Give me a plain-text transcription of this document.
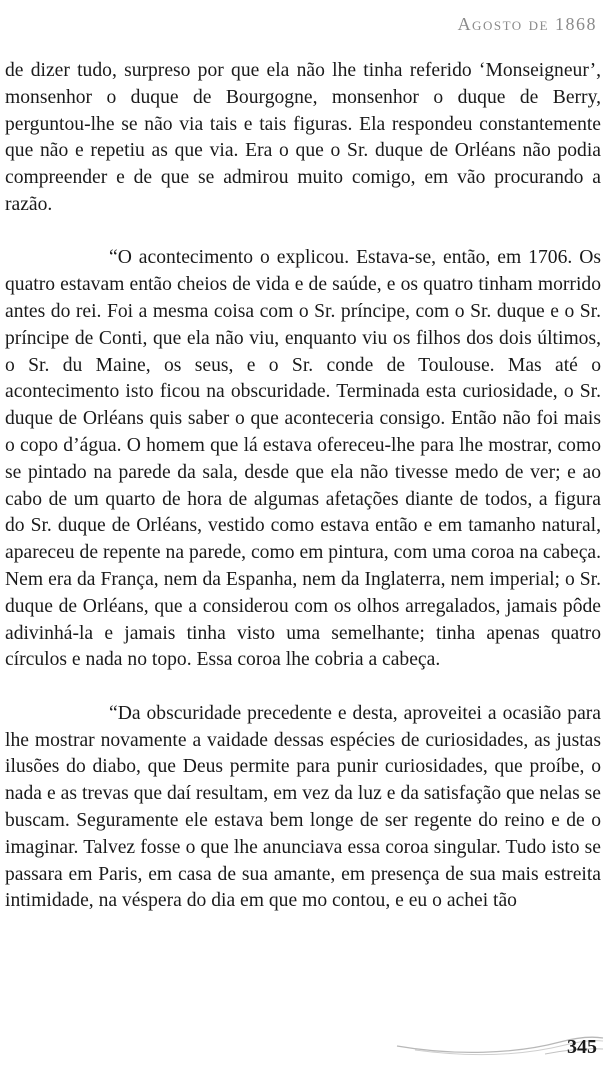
Agosto de 1868

de dizer tudo, surpreso por que ela não lhe tinha referido ‘Monseigneur’, monsenhor o duque de Bourgogne, monsenhor o duque de Berry, perguntou-lhe se não via tais e tais figuras. Ela respondeu constantemente que não e repetiu as que via. Era o que o Sr. duque de Orléans não podia compreender e de que se admirou muito comigo, em vão procurando a razão.

“O acontecimento o explicou. Estava-se, então, em 1706. Os quatro estavam então cheios de vida e de saúde, e os quatro tinham morrido antes do rei. Foi a mesma coisa com o Sr. príncipe, com o Sr. duque e o Sr. príncipe de Conti, que ela não viu, enquanto viu os filhos dos dois últimos, o Sr. du Maine, os seus, e o Sr. conde de Toulouse. Mas até o acontecimento isto ficou na obscuridade. Terminada esta curiosidade, o Sr. duque de Orléans quis saber o que aconteceria consigo. Então não foi mais o copo d’água. O homem que lá estava ofereceu-lhe para lhe mostrar, como se pintado na parede da sala, desde que ela não tivesse medo de ver; e ao cabo de um quarto de hora de algumas afetações diante de todos, a figura do Sr. duque de Orléans, vestido como estava então e em tamanho natural, apareceu de repente na parede, como em pintura, com uma coroa na cabeça. Nem era da França, nem da Espanha, nem da Inglaterra, nem imperial; o Sr. duque de Orléans, que a considerou com os olhos arregalados, jamais pôde adivinhá-la e jamais tinha visto uma semelhante; tinha apenas quatro círculos e nada no topo. Essa coroa lhe cobria a cabeça.

“Da obscuridade precedente e desta, aproveitei a ocasião para lhe mostrar novamente a vaidade dessas espécies de curiosidades, as justas ilusões do diabo, que Deus permite para punir curiosidades, que proíbe, o nada e as trevas que daí resultam, em vez da luz e da satisfação que nelas se buscam. Seguramente ele estava bem longe de ser regente do reino e de o imaginar. Talvez fosse o que lhe anunciava essa coroa singular. Tudo isto se passara em Paris, em casa de sua amante, em presença de sua mais estreita intimidade, na véspera do dia em que mo contou, e eu o achei tão

345
